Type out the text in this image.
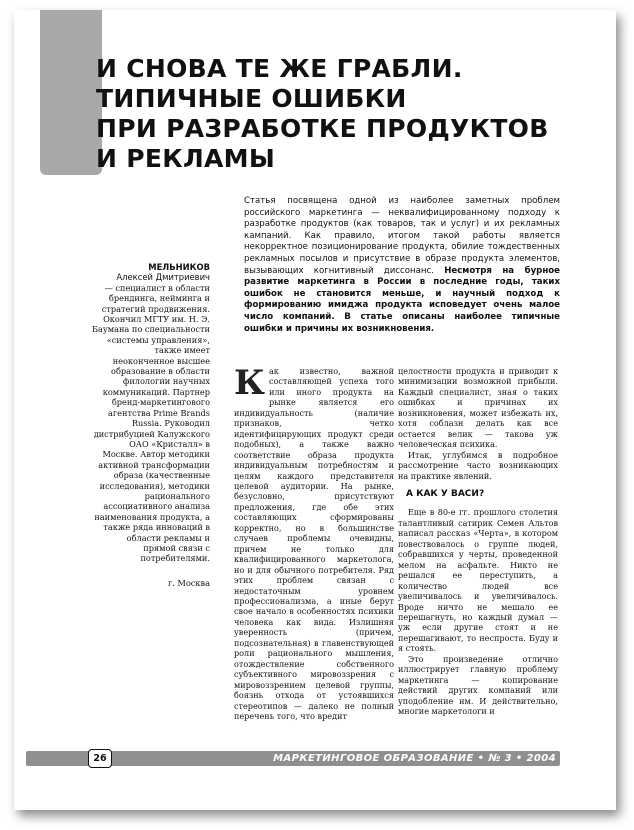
И СНОВА ТЕ ЖЕ ГРАБЛИ.
ТИПИЧНЫЕ ОШИБКИ
ПРИ РАЗРАБОТКЕ ПРОДУКТОВ
И РЕКЛАМЫ
Статья посвящена одной из наиболее заметных проблем российского маркетинга — неквалифицированному подходу к разработке продуктов (как товаров, так и услуг) и их рекламных кампаний. Как правило, итогом такой работы является некорректное позиционирование продукта, обилие тождественных рекламных посылов и присутствие в образе продукта элементов, вызывающих когнитивный диссонанс. Несмотря на бурное развитие маркетинга в России в последние годы, таких ошибок не становится меньше, и научный подход к формированию имиджа продукта исповедует очень малое число компаний. В статье описаны наиболее типичные ошибки и причины их возникновения.
МЕЛЬНИКОВ
Алексей Дмитриевич
— специалист в области брендинга, нейминга и стратегий продвижения. Окончил МГТУ им. Н. Э. Баумана по специальности «системы управления», также имеет неоконченное высшее образование в области филологии научных коммуникаций. Партнер бренд-маркетингового агентства Prime Brands Russia. Руководил дистрибуцией Калужского ОАО «Кристалл» в Москве. Автор методики активной трансформации образа (качественные исследования), методики рационального ассоциативного анализа наименования продукта, а также ряда инноваций в области рекламы и прямой связи с потребителями.
г. Москва

Как известно, важной составляющей успеха того или иного продукта на рынке является его индивидуальность (наличие признаков, четко идентифицирующих продукт среди подобных), а также важно соответствие образа продукта индивидуальным потребностям и целям каждого представителя целевой аудитории. На рынке, безусловно, присутствуют предложения, где обе этих составляющих сформированы корректно, но в большинстве случаев проблемы очевидны, причем не только для квалифицированного маркетолога, но и для обычного потребителя. Ряд этих проблем связан с недостаточным уровнем профессионализма, а иные берут свое начало в особенностях психики человека как вида. Излишняя уверенность (причем, подсознательная) в главенствующей роли рационального мышления, отождествление собственного субъективного мировоззрения с мировоззрением целевой группы, боязнь отхода от устоявшихся стереотипов — далеко не полный перечень того, что вредит

целостности продукта и приводит к минимизации возможной прибыли. Каждый специалист, зная о таких ошибках и причинах их возникновения, может избежать их, хотя соблазн делать как все остается велик — такова уж человеческая психика.

Итак, углубимся в подробное рассмотрение часто возникающих на практике явлений.

А КАК У ВАСИ?

Еще в 80-е гг. прошлого столетия талантливый сатирик Семен Альтов написал рассказ «Черта», в котором повествовалось о группе людей, собравшихся у черты, проведенной мелом на асфальте. Никто не решался ее переступить, а количество людей все увеличивалось и увеличивалось. Вроде ничто не мешало ее перешагнуть, но каждый думал — уж если другие стоят и не перешагивают, то неспроста. Буду и я стоять.

Это произведение отлично иллюстрирует главную проблему маркетинга — копирование действий других компаний или уподобление им. И действительно, многие маркетологи и

26	МАРКЕТИНГОВОЕ ОБРАЗОВАНИЕ • № 3 • 2004
